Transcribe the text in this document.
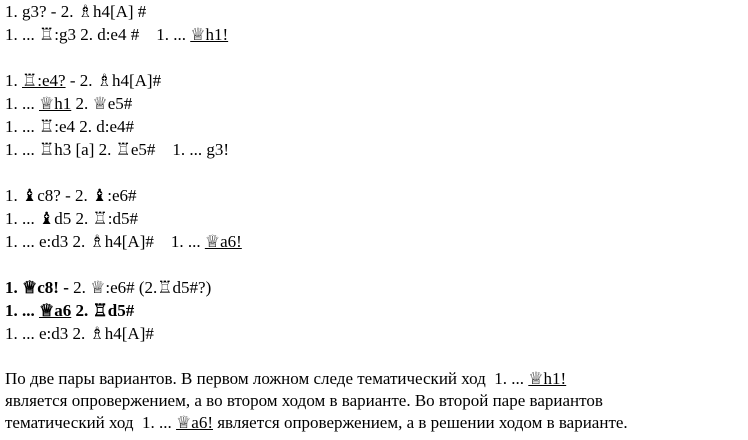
1. g3? - 2. ♗h4[A] #
1. ... ♖:g3 2. d:e4 #    1. ... ♕h1!
1. ♖:e4? - 2. ♗h4[A]#
1. ... ♕h1 2. ♕e5#
1. ... ♖:e4 2. d:e4#
1. ... ♖h3 [a] 2. ♖e5#    1. ... g3!
1. ♝c8? - 2. ♝:e6#
1. ... ♝d5 2. ♖:d5#
1. ... e:d3 2. ♗h4[A]#    1. ... ♕a6!
1. ♕c8! - 2. ♕:e6# (2.♖d5#?)
1. ... ♕a6 2. ♖d5#
1. ... e:d3 2. ♗h4[A]#
По две пары вариантов. В первом ложном следе тематический ход  1. ... ♕h1!
является опровержением, а во втором ходом в варианте. Во второй паре вариантов
тематический ход  1. ... ♕a6! является опровержением, а в решении ходом в варианте.
